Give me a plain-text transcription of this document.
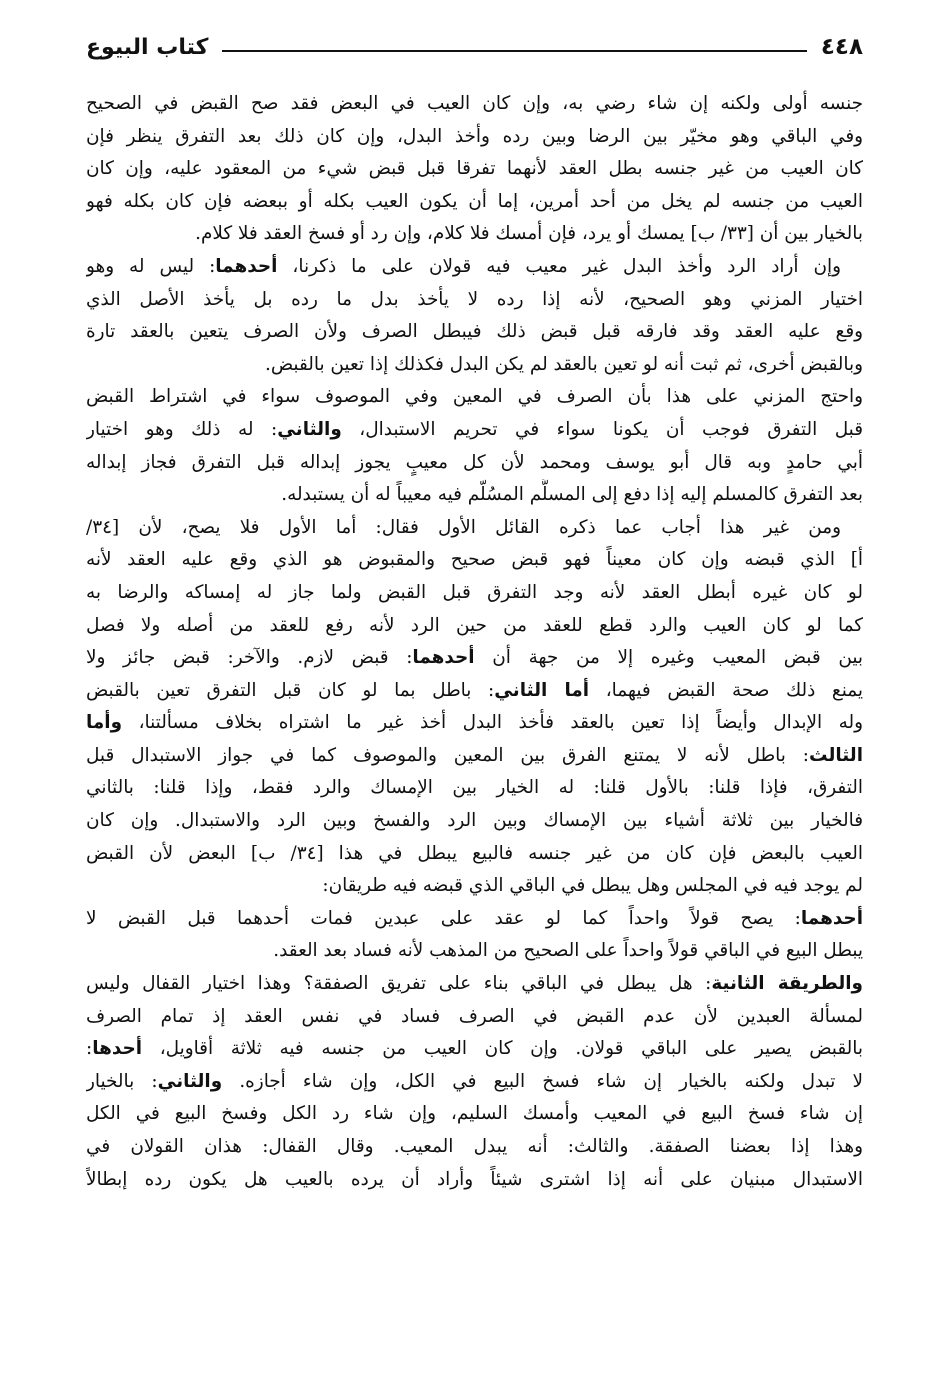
٤٤٨
كتاب البيوع
جنسه أولى ولكنه إن شاء رضي به، وإن كان العيب في البعض فقد صح القبض في الصحيح
وفي الباقي وهو مخيّر بين الرضا وبين رده وأخذ البدل، وإن كان ذلك بعد التفرق ينظر فإن
كان العيب من غير جنسه بطل العقد لأنهما تفرقا قبل قبض شيء من المعقود عليه، وإن كان
العيب من جنسه لم يخل من أحد أمرين، إما أن يكون العيب بكله أو ببعضه فإن كان بكله فهو
بالخيار بين أن [٣٣/ ب] يمسك أو يرد، فإن أمسك فلا كلام، وإن رد أو فسخ العقد فلا كلام.
وإن أراد الرد وأخذ البدل غير معيب فيه قولان على ما ذكرنا، أحدهما: ليس له وهو
اختيار المزني وهو الصحيح، لأنه إذا رده لا يأخذ بدل ما رده بل يأخذ الأصل الذي
وقع عليه العقد وقد فارقه قبل قبض ذلك فيبطل الصرف ولأن الصرف يتعين بالعقد تارة
وبالقبض أخرى، ثم ثبت أنه لو تعين بالعقد لم يكن البدل فكذلك إذا تعين بالقبض.
واحتج المزني على هذا بأن الصرف في المعين وفي الموصوف سواء في اشتراط القبض
قبل التفرق فوجب أن يكونا سواء في تحريم الاستبدال، والثاني: له ذلك وهو اختيار
أبي حامدٍ وبه قال أبو يوسف ومحمد لأن كل معيبٍ يجوز إبداله قبل التفرق فجاز إبداله
بعد التفرق كالمسلم إليه إذا دفع إلى المسلَّم المسُلّم فيه معيباً له أن يستبدله.
ومن غير هذا أجاب عما ذكره القائل الأول فقال: أما الأول فلا يصح، لأن [٣٤/
أ] الذي قبضه وإن كان معيناً فهو قبض صحيح والمقبوض هو الذي وقع عليه العقد لأنه
لو كان غيره أبطل العقد لأنه وجد التفرق قبل القبض ولما جاز له إمساكه والرضا به
كما لو كان العيب والرد قطع للعقد من حين الرد لأنه رفع للعقد من أصله ولا فصل
بين قبض المعيب وغيره إلا من جهة أن أحدهما: قبض لازم. والآخر: قبض جائز ولا
يمنع ذلك صحة القبض فيهما، أما الثاني: باطل بما لو كان قبل التفرق تعين بالقبض
وله الإبدال وأيضاً إذا تعين بالعقد فأخذ البدل أخذ غير ما اشتراه بخلاف مسألتنا، وأما
الثالث: باطل لأنه لا يمتنع الفرق بين المعين والموصوف كما في جواز الاستبدال قبل
التفرق، فإذا قلنا: بالأول قلنا: له الخيار بين الإمساك والرد فقط، وإذا قلنا: بالثاني
فالخيار بين ثلاثة أشياء بين الإمساك وبين الرد والفسخ وبين الرد والاستبدال. وإن كان
العيب بالبعض فإن كان من غير جنسه فالبيع يبطل في هذا [٣٤/ ب] البعض لأن القبض
لم يوجد فيه في المجلس وهل يبطل في الباقي الذي قبضه فيه طريقان:
أحدهما: يصح قولاً واحداً كما لو عقد على عبدين فمات أحدهما قبل القبض لا
يبطل البيع في الباقي قولاً واحداً على الصحيح من المذهب لأنه فساد بعد العقد.
والطريقة الثانية: هل يبطل في الباقي بناء على تفريق الصفقة؟ وهذا اختيار القفال وليس
لمسألة العبدين لأن عدم القبض في الصرف فساد في نفس العقد إذ تمام الصرف
بالقبض يصير على الباقي قولان. وإن كان العيب من جنسه فيه ثلاثة أقاويل، أحدها:
لا تبدل ولكنه بالخيار إن شاء فسخ البيع في الكل، وإن شاء أجازه. والثاني: بالخيار
إن شاء فسخ البيع في المعيب وأمسك السليم، وإن شاء رد الكل وفسخ البيع في الكل
وهذا إذا بعضنا الصفقة. والثالث: أنه يبدل المعيب. وقال القفال: هذان القولان في
الاستبدال مبنيان على أنه إذا اشترى شيئاً وأراد أن يرده بالعيب هل يكون رده إبطالاً
